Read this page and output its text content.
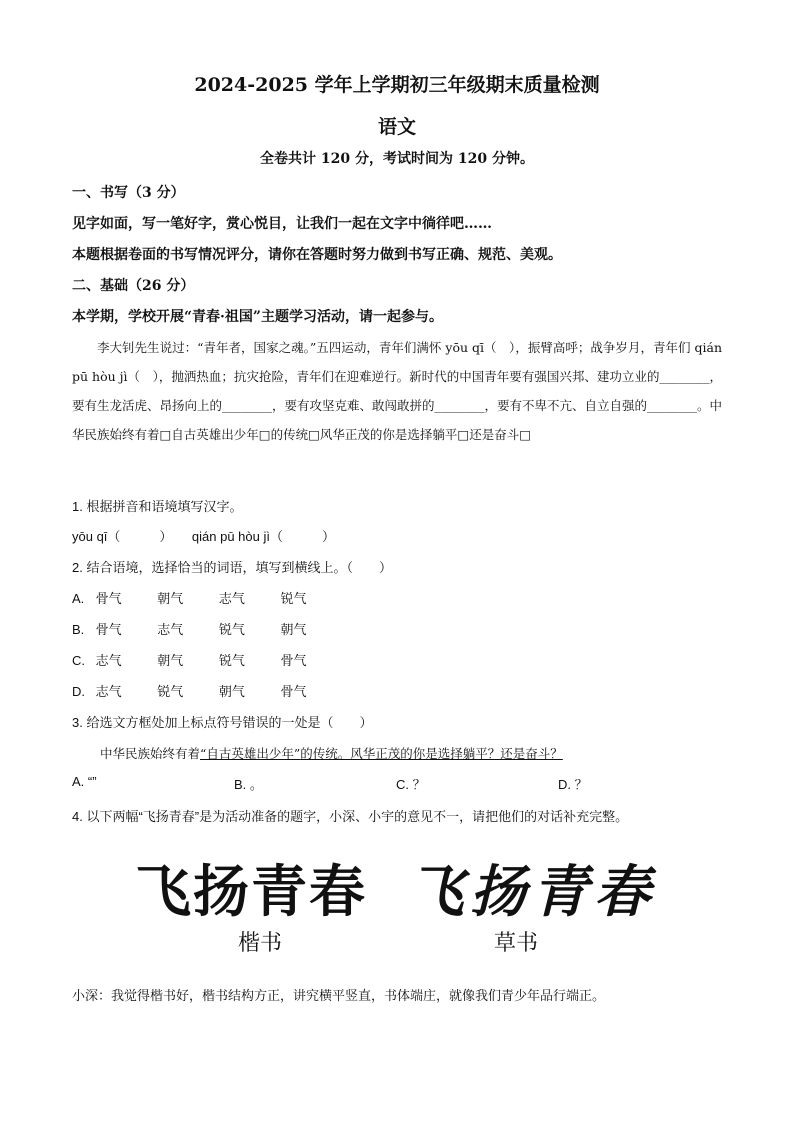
2024-2025 学年上学期初三年级期末质量检测
语文
全卷共计 120 分，考试时间为 120 分钟。
一、书写（3 分）
见字如面，写一笔好字，赏心悦目，让我们一起在文字中徜徉吧……
本题根据卷面的书写情况评分，请你在答题时努力做到书写正确、规范、美观。
二、基础（26 分）
本学期，学校开展“青春·祖国”主题学习活动，请一起参与。

李大钊先生说过：“青年者，国家之魂。”五四运动，青年们满怀 yōu qī（　），振臂高呼；战争岁月，青年们 qián pū hòu jì（　），抛洒热血；抗灾抢险，青年们在迎难逆行。新时代的中国青年要有强国兴邦、建功立业的________，要有生龙活虎、昂扬向上的________，要有攻坚克难、敢闯敢拼的________，要有不卑不亢、自立自强的________。中华民族始终有着□自古英雄出少年□的传统□风华正茂的你是选择躺平□还是奋斗□

1. 根据拼音和语境填写汉字。
yōu qī（　　　）　　qián pū hòu jì（　　　）
2. 结合语境，选择恰当的词语，填写到横线上。（　　）
A. 骨气	朝气	志气	锐气
B. 骨气	志气	锐气	朝气
C. 志气	朝气	锐气	骨气
D. 志气	锐气	朝气	骨气
3. 给选文方框处加上标点符号错误的一处是（　　）
中华民族始终有着“自古英雄出少年”的传统。风华正茂的你是选择躺平？还是奋斗？
A. “”	B. 。	C. ？	D. ？
4. 以下两幅“飞扬青春”是为活动准备的题字，小深、小宇的意见不一，请把他们的对话补充完整。
飞扬青春 飞扬青春
楷书	草书
小深：我觉得楷书好，楷书结构方正，讲究横平竖直，书体端庄，就像我们青少年品行端正。
